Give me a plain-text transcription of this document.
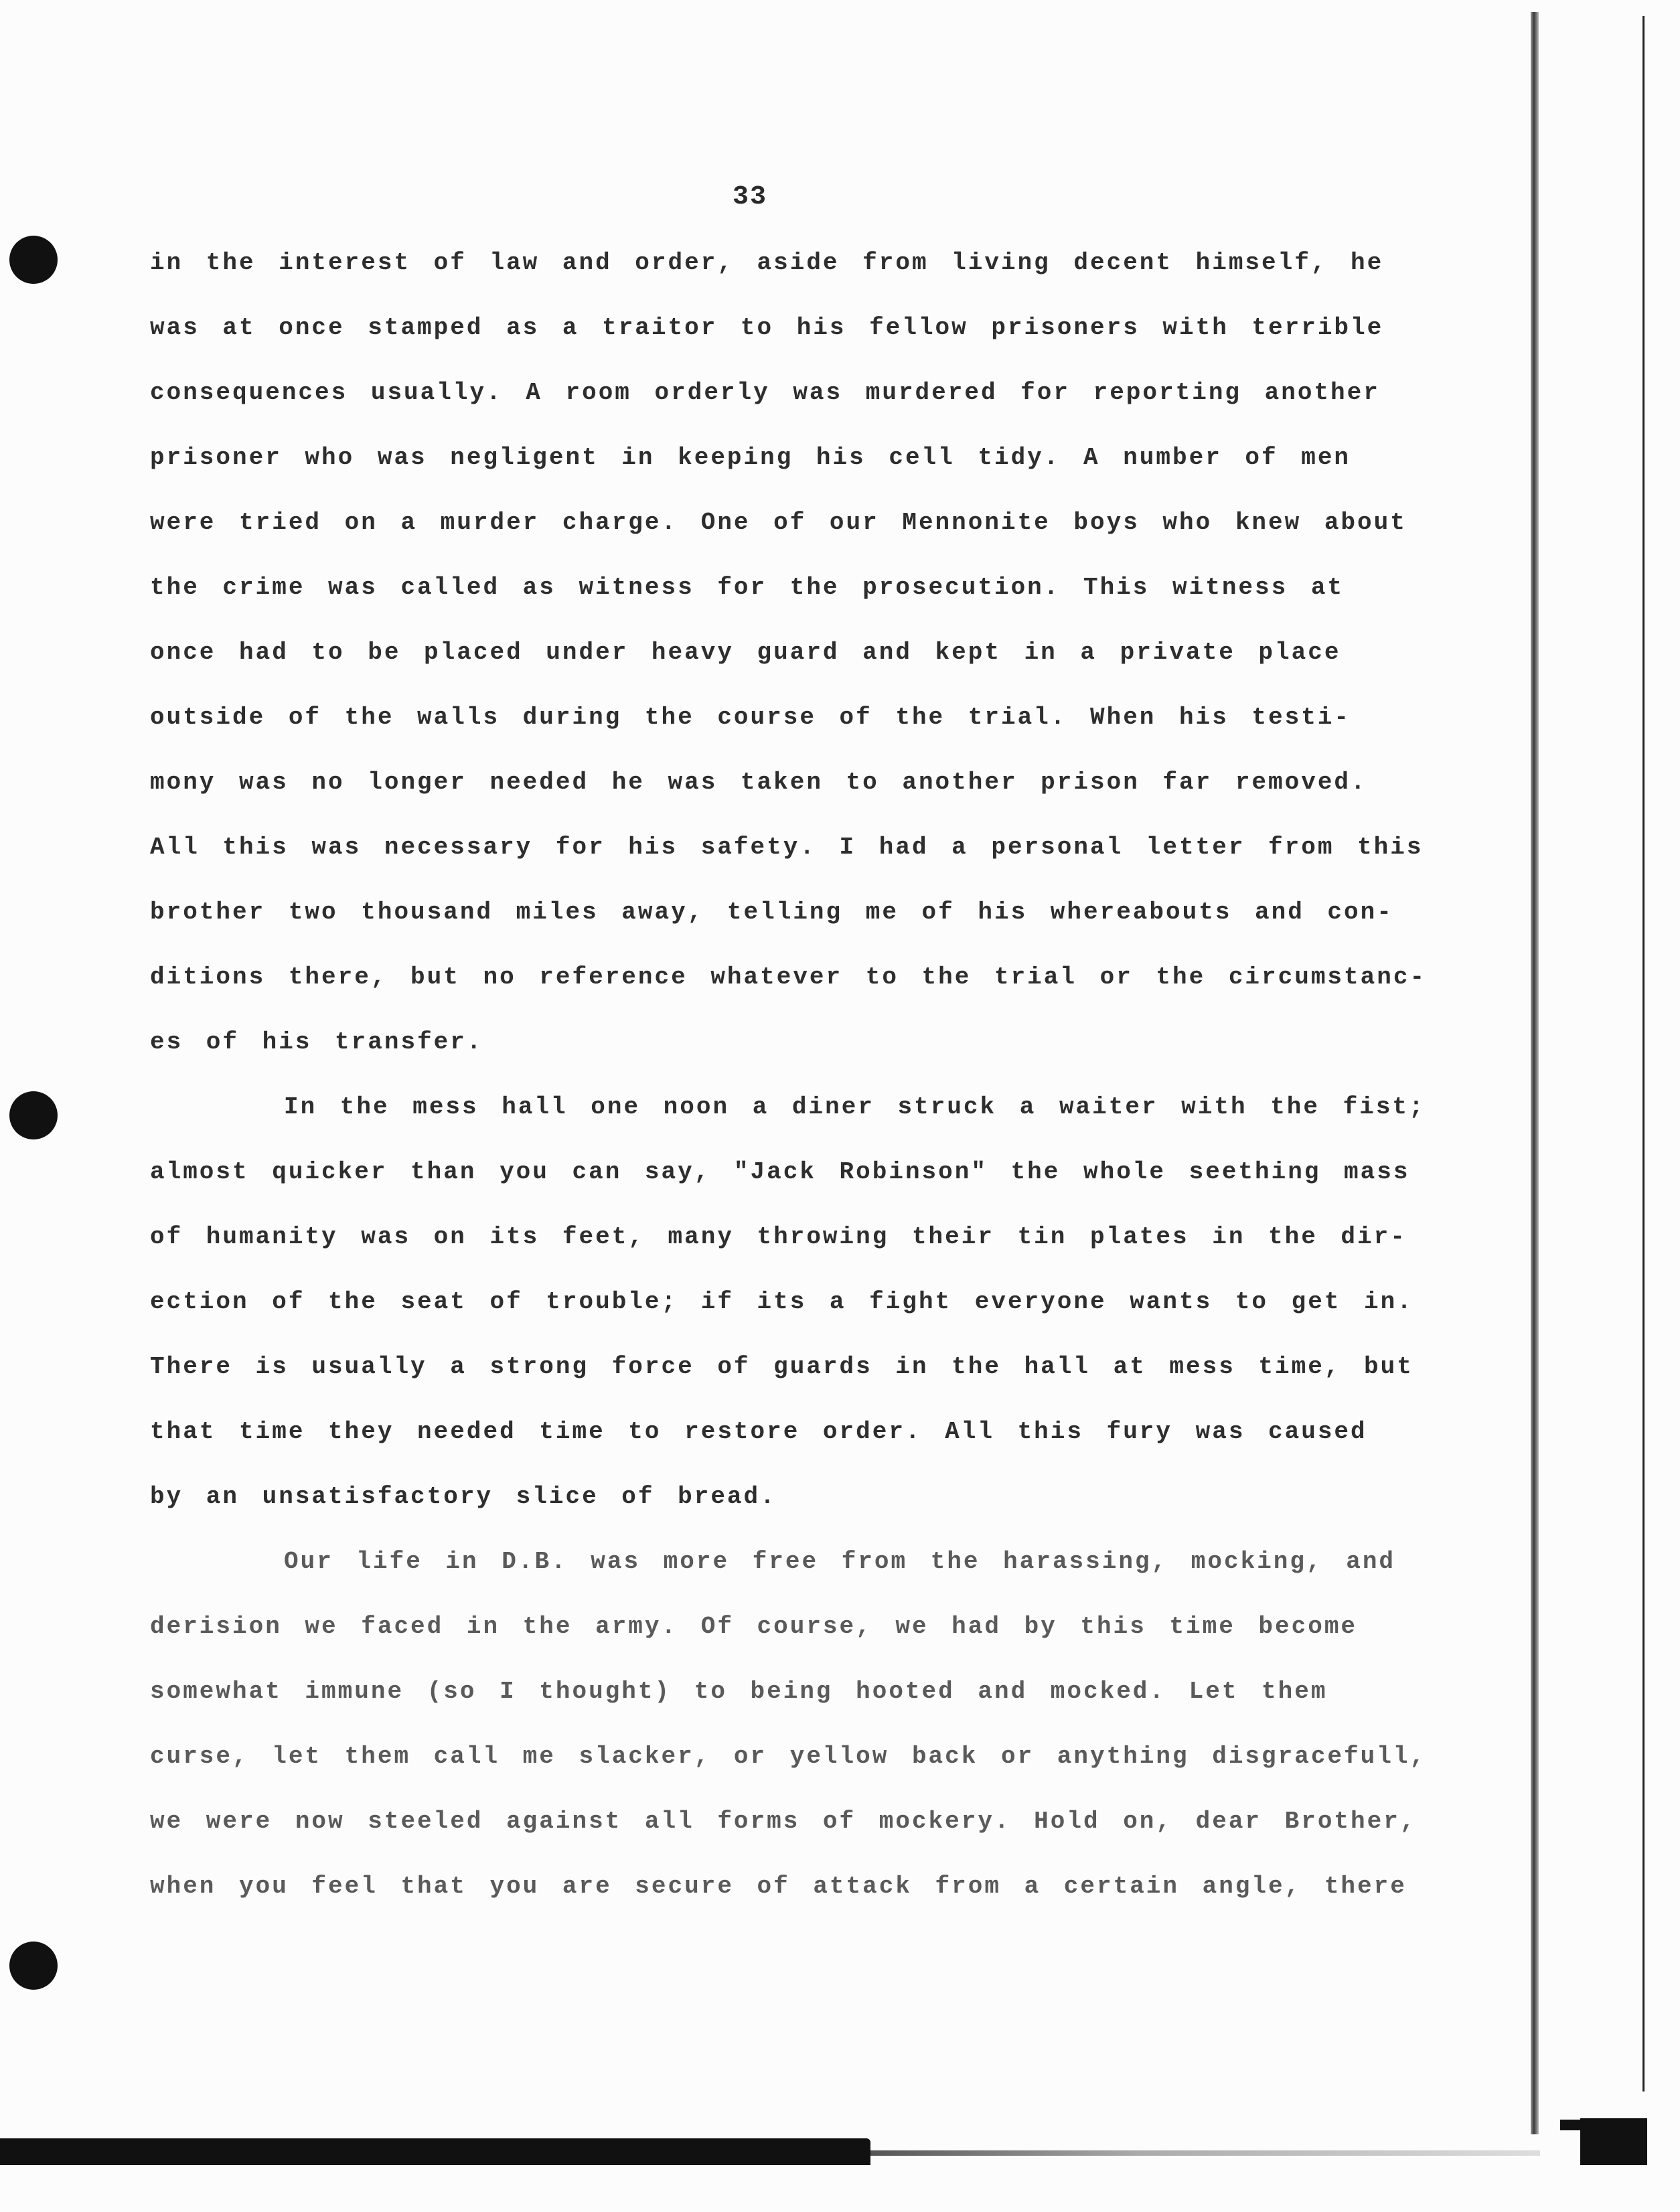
33
in the interest of law and order, aside from living decent himself, he
was at once stamped as a traitor to his fellow prisoners with terrible
consequences usually. A room orderly was murdered for reporting another
prisoner who was negligent in keeping his cell tidy. A number of men
were tried on a murder charge. One of our Mennonite boys who knew about
the crime was called as witness for the prosecution. This witness at
once had to be placed under heavy guard and kept in a private place
outside of the walls during the course of the trial. When his testi-
mony was no longer needed he was taken to another prison far removed.
All this was necessary for his safety. I had a personal letter from this
brother two thousand miles away, telling me of his whereabouts and con-
ditions there, but no reference whatever to the trial or the circumstanc-
es of his transfer.
In the mess hall one noon a diner struck a waiter with the fist;
almost quicker than you can say, "Jack Robinson" the whole seething mass
of humanity was on its feet, many throwing their tin plates in the dir-
ection of the seat of trouble; if its a fight everyone wants to get in.
There is usually a strong force of guards in the hall at mess time, but
that time they needed time to restore order. All this fury was caused
by an unsatisfactory slice of bread.
Our life in D.B. was more free from the harassing, mocking, and
derision we faced in the army. Of course, we had by this time become
somewhat immune (so I thought) to being hooted and mocked. Let them
curse, let them call me slacker, or yellow back or anything disgracefull,
we were now steeled against all forms of mockery. Hold on, dear Brother,
when you feel that you are secure of attack from a certain angle, there
